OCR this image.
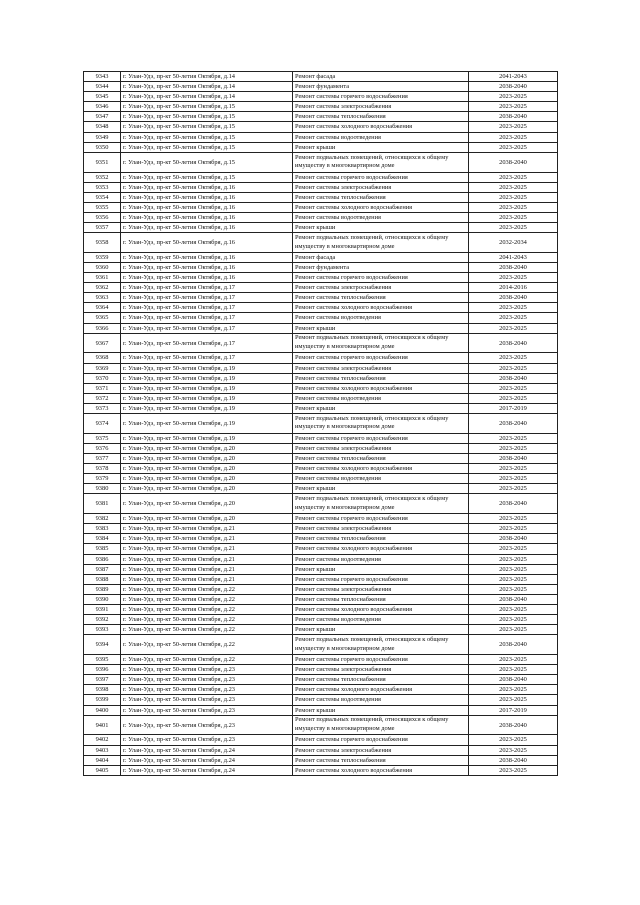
9343	г. Улан-Удэ, пр-кт 50-летия Октября, д.14	Ремонт фасада	2041-2043
9344	г. Улан-Удэ, пр-кт 50-летия Октября, д.14	Ремонт фундамента	2038-2040
9345	г. Улан-Удэ, пр-кт 50-летия Октября, д.14	Ремонт системы горячего водоснабжения	2023-2025
9346	г. Улан-Удэ, пр-кт 50-летия Октября, д.15	Ремонт системы электроснабжения	2023-2025
9347	г. Улан-Удэ, пр-кт 50-летия Октября, д.15	Ремонт системы теплоснабжения	2038-2040
9348	г. Улан-Удэ, пр-кт 50-летия Октября, д.15	Ремонт системы холодного водоснабжения	2023-2025
9349	г. Улан-Удэ, пр-кт 50-летия Октября, д.15	Ремонт системы водоотведения	2023-2025
9350	г. Улан-Удэ, пр-кт 50-летия Октября, д.15	Ремонт крыши	2023-2025
9351	г. Улан-Удэ, пр-кт 50-летия Октября, д.15	Ремонт подвальных помещений, относящихся к общему имуществу в многоквартирном доме	2038-2040
9352	г. Улан-Удэ, пр-кт 50-летия Октября, д.15	Ремонт системы горячего водоснабжения	2023-2025
9353	г. Улан-Удэ, пр-кт 50-летия Октября, д.16	Ремонт системы электроснабжения	2023-2025
9354	г. Улан-Удэ, пр-кт 50-летия Октября, д.16	Ремонт системы теплоснабжения	2023-2025
9355	г. Улан-Удэ, пр-кт 50-летия Октября, д.16	Ремонт системы холодного водоснабжения	2023-2025
9356	г. Улан-Удэ, пр-кт 50-летия Октября, д.16	Ремонт системы водоотведения	2023-2025
9357	г. Улан-Удэ, пр-кт 50-летия Октября, д.16	Ремонт крыши	2023-2025
9358	г. Улан-Удэ, пр-кт 50-летия Октября, д.16	Ремонт подвальных помещений, относящихся к общему имуществу в многоквартирном доме	2032-2034
9359	г. Улан-Удэ, пр-кт 50-летия Октября, д.16	Ремонт фасада	2041-2043
9360	г. Улан-Удэ, пр-кт 50-летия Октября, д.16	Ремонт фундамента	2038-2040
9361	г. Улан-Удэ, пр-кт 50-летия Октября, д.16	Ремонт системы горячего водоснабжения	2023-2025
9362	г. Улан-Удэ, пр-кт 50-летия Октября, д.17	Ремонт системы электроснабжения	2014-2016
9363	г. Улан-Удэ, пр-кт 50-летия Октября, д.17	Ремонт системы теплоснабжения	2038-2040
9364	г. Улан-Удэ, пр-кт 50-летия Октября, д.17	Ремонт системы холодного водоснабжения	2023-2025
9365	г. Улан-Удэ, пр-кт 50-летия Октября, д.17	Ремонт системы водоотведения	2023-2025
9366	г. Улан-Удэ, пр-кт 50-летия Октября, д.17	Ремонт крыши	2023-2025
9367	г. Улан-Удэ, пр-кт 50-летия Октября, д.17	Ремонт подвальных помещений, относящихся к общему имуществу в многоквартирном доме	2038-2040
9368	г. Улан-Удэ, пр-кт 50-летия Октября, д.17	Ремонт системы горячего водоснабжения	2023-2025
9369	г. Улан-Удэ, пр-кт 50-летия Октября, д.19	Ремонт системы электроснабжения	2023-2025
9370	г. Улан-Удэ, пр-кт 50-летия Октября, д.19	Ремонт системы теплоснабжения	2038-2040
9371	г. Улан-Удэ, пр-кт 50-летия Октября, д.19	Ремонт системы холодного водоснабжения	2023-2025
9372	г. Улан-Удэ, пр-кт 50-летия Октября, д.19	Ремонт системы водоотведения	2023-2025
9373	г. Улан-Удэ, пр-кт 50-летия Октября, д.19	Ремонт крыши	2017-2019
9374	г. Улан-Удэ, пр-кт 50-летия Октября, д.19	Ремонт подвальных помещений, относящихся к общему имуществу в многоквартирном доме	2038-2040
9375	г. Улан-Удэ, пр-кт 50-летия Октября, д.19	Ремонт системы горячего водоснабжения	2023-2025
9376	г. Улан-Удэ, пр-кт 50-летия Октября, д.20	Ремонт системы электроснабжения	2023-2025
9377	г. Улан-Удэ, пр-кт 50-летия Октября, д.20	Ремонт системы теплоснабжения	2038-2040
9378	г. Улан-Удэ, пр-кт 50-летия Октября, д.20	Ремонт системы холодного водоснабжения	2023-2025
9379	г. Улан-Удэ, пр-кт 50-летия Октября, д.20	Ремонт системы водоотведения	2023-2025
9380	г. Улан-Удэ, пр-кт 50-летия Октября, д.20	Ремонт крыши	2023-2025
9381	г. Улан-Удэ, пр-кт 50-летия Октября, д.20	Ремонт подвальных помещений, относящихся к общему имуществу в многоквартирном доме	2038-2040
9382	г. Улан-Удэ, пр-кт 50-летия Октября, д.20	Ремонт системы горячего водоснабжения	2023-2025
9383	г. Улан-Удэ, пр-кт 50-летия Октября, д.21	Ремонт системы электроснабжения	2023-2025
9384	г. Улан-Удэ, пр-кт 50-летия Октября, д.21	Ремонт системы теплоснабжения	2038-2040
9385	г. Улан-Удэ, пр-кт 50-летия Октября, д.21	Ремонт системы холодного водоснабжения	2023-2025
9386	г. Улан-Удэ, пр-кт 50-летия Октября, д.21	Ремонт системы водоотведения	2023-2025
9387	г. Улан-Удэ, пр-кт 50-летия Октября, д.21	Ремонт крыши	2023-2025
9388	г. Улан-Удэ, пр-кт 50-летия Октября, д.21	Ремонт системы горячего водоснабжения	2023-2025
9389	г. Улан-Удэ, пр-кт 50-летия Октября, д.22	Ремонт системы электроснабжения	2023-2025
9390	г. Улан-Удэ, пр-кт 50-летия Октября, д.22	Ремонт системы теплоснабжения	2038-2040
9391	г. Улан-Удэ, пр-кт 50-летия Октября, д.22	Ремонт системы холодного водоснабжения	2023-2025
9392	г. Улан-Удэ, пр-кт 50-летия Октября, д.22	Ремонт системы водоотведения	2023-2025
9393	г. Улан-Удэ, пр-кт 50-летия Октября, д.22	Ремонт крыши	2023-2025
9394	г. Улан-Удэ, пр-кт 50-летия Октября, д.22	Ремонт подвальных помещений, относящихся к общему имуществу в многоквартирном доме	2038-2040
9395	г. Улан-Удэ, пр-кт 50-летия Октября, д.22	Ремонт системы горячего водоснабжения	2023-2025
9396	г. Улан-Удэ, пр-кт 50-летия Октября, д.23	Ремонт системы электроснабжения	2023-2025
9397	г. Улан-Удэ, пр-кт 50-летия Октября, д.23	Ремонт системы теплоснабжения	2038-2040
9398	г. Улан-Удэ, пр-кт 50-летия Октября, д.23	Ремонт системы холодного водоснабжения	2023-2025
9399	г. Улан-Удэ, пр-кт 50-летия Октября, д.23	Ремонт системы водоотведения	2023-2025
9400	г. Улан-Удэ, пр-кт 50-летия Октября, д.23	Ремонт крыши	2017-2019
9401	г. Улан-Удэ, пр-кт 50-летия Октября, д.23	Ремонт подвальных помещений, относящихся к общему имуществу в многоквартирном доме	2038-2040
9402	г. Улан-Удэ, пр-кт 50-летия Октября, д.23	Ремонт системы горячего водоснабжения	2023-2025
9403	г. Улан-Удэ, пр-кт 50-летия Октября, д.24	Ремонт системы электроснабжения	2023-2025
9404	г. Улан-Удэ, пр-кт 50-летия Октября, д.24	Ремонт системы теплоснабжения	2038-2040
9405	г. Улан-Удэ, пр-кт 50-летия Октября, д.24	Ремонт системы холодного водоснабжения	2023-2025
